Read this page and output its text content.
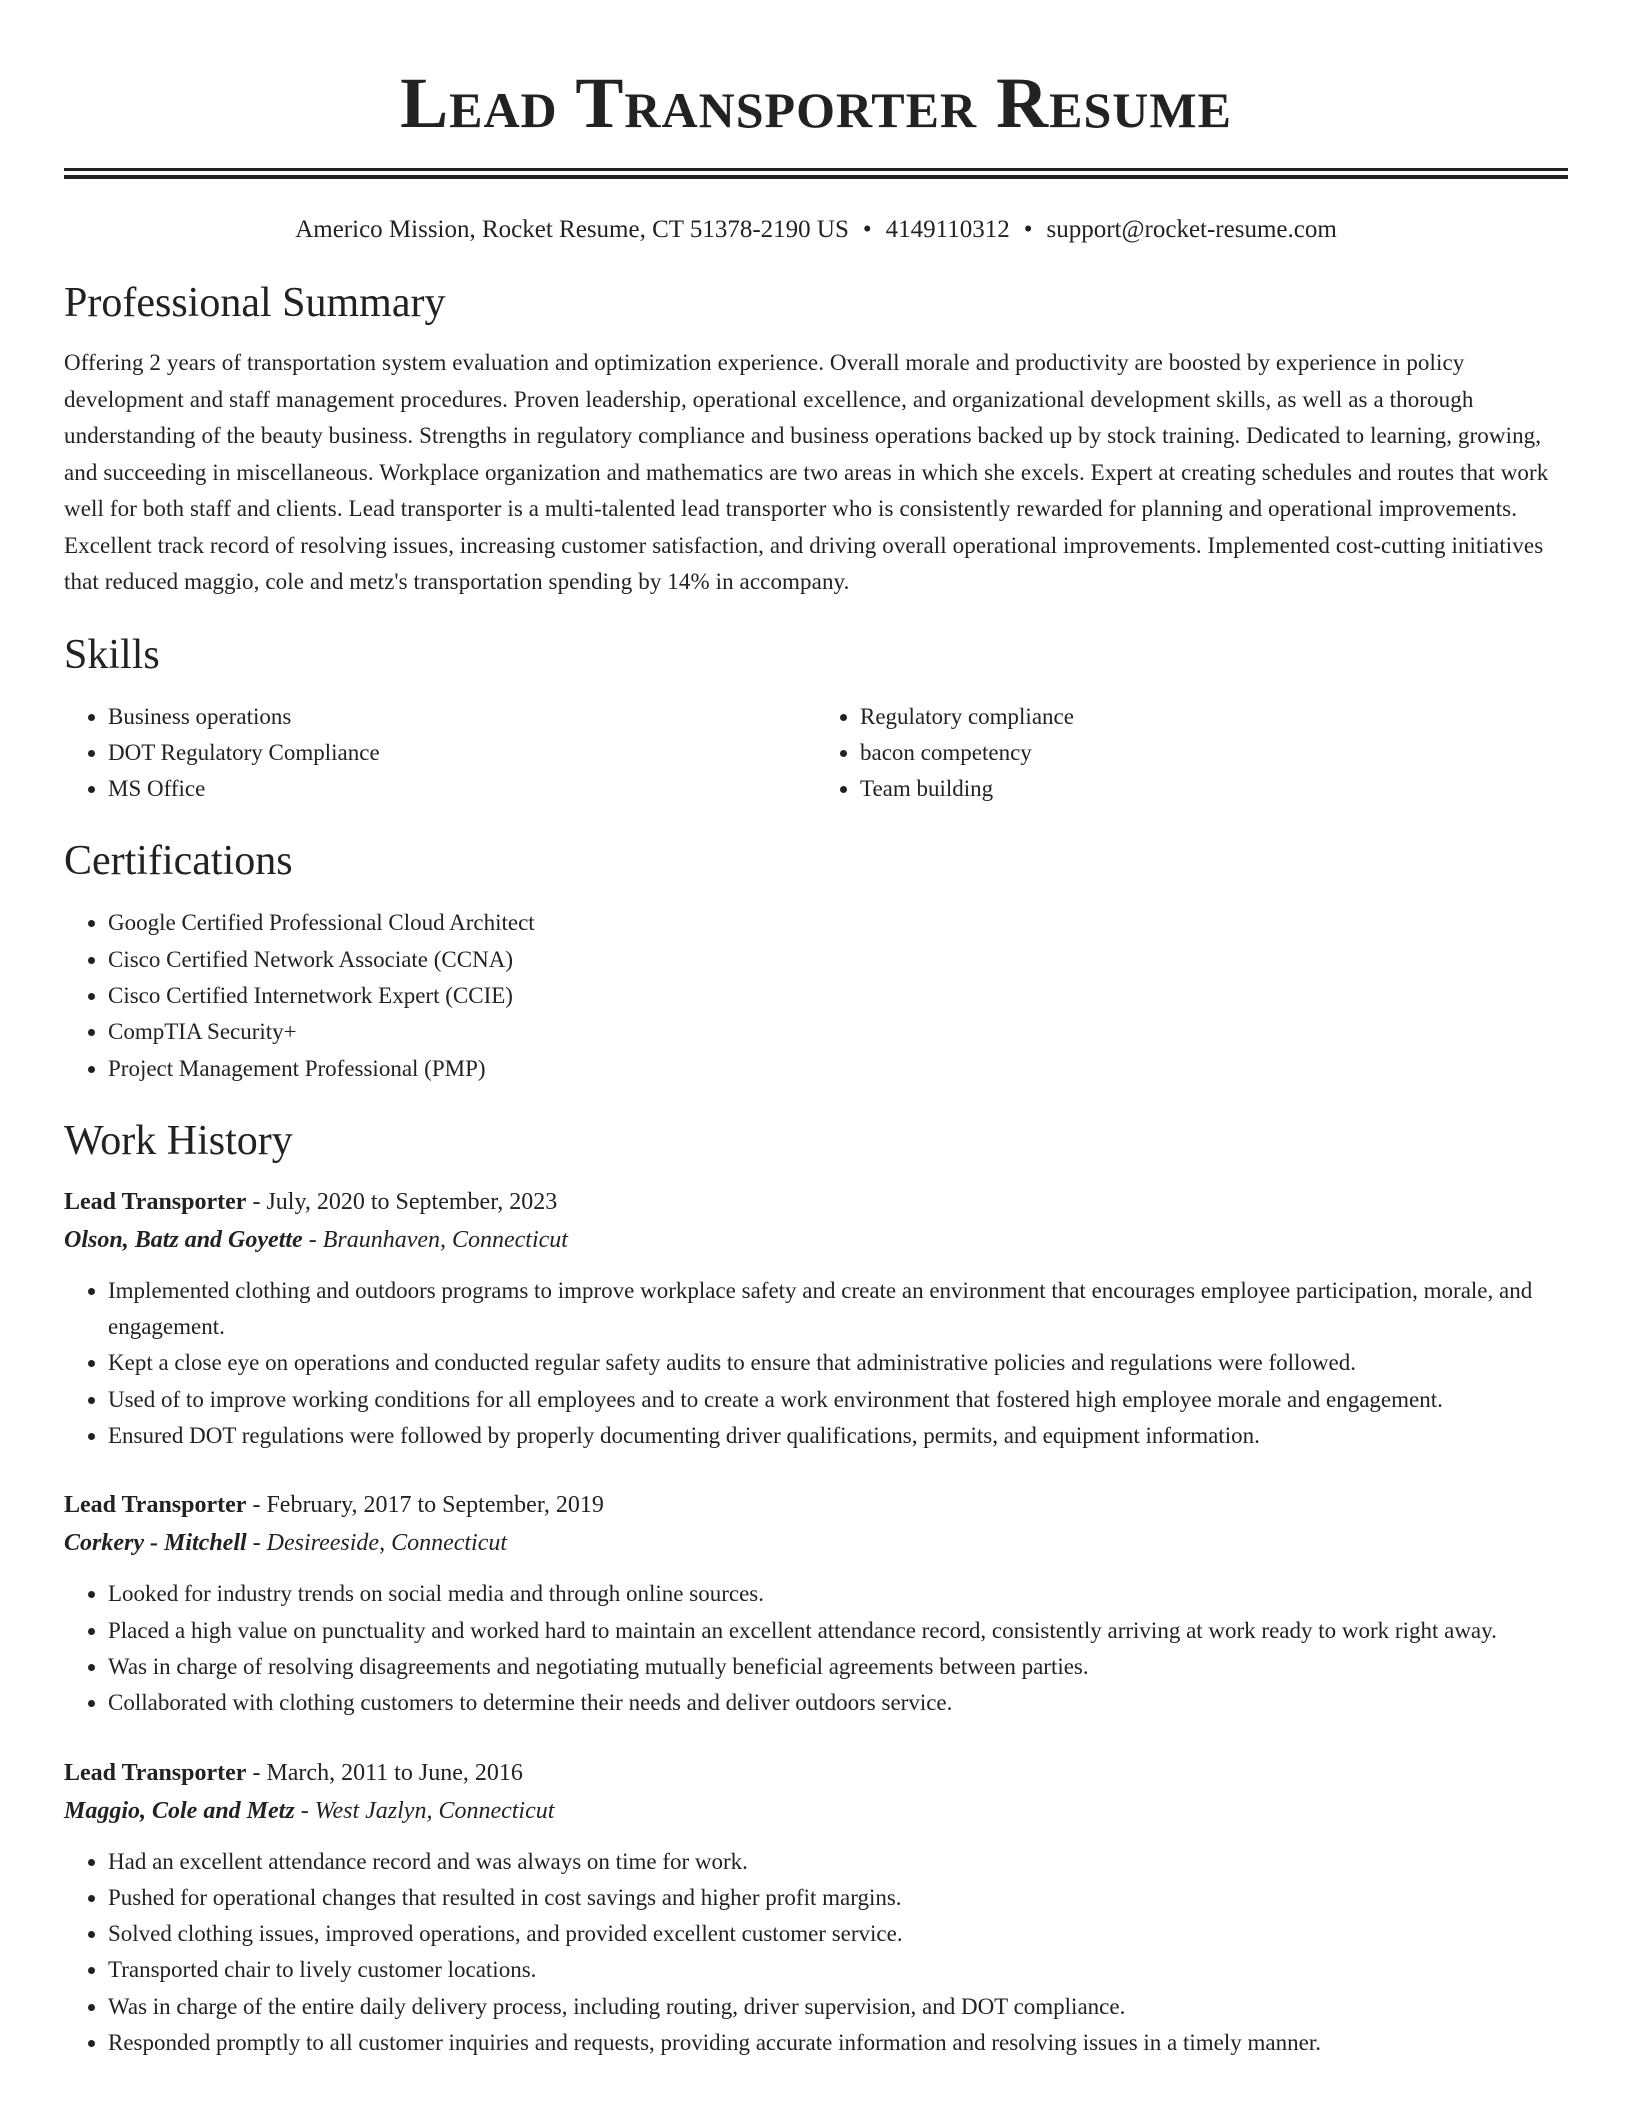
Lead Transporter Resume
Americo Mission, Rocket Resume, CT 51378-2190 US • 4149110312 • support@rocket-resume.com
Professional Summary

Offering 2 years of transportation system evaluation and optimization experience. Overall morale and productivity are boosted by experience in policy development and staff management procedures. Proven leadership, operational excellence, and organizational development skills, as well as a thorough understanding of the beauty business. Strengths in regulatory compliance and business operations backed up by stock training. Dedicated to learning, growing, and succeeding in miscellaneous. Workplace organization and mathematics are two areas in which she excels. Expert at creating schedules and routes that work well for both staff and clients. Lead transporter is a multi-talented lead transporter who is consistently rewarded for planning and operational improvements. Excellent track record of resolving issues, increasing customer satisfaction, and driving overall operational improvements. Implemented cost-cutting initiatives that reduced maggio, cole and metz's transportation spending by 14% in accompany.

Skills
• Business operations
• DOT Regulatory Compliance
• MS Office
• Regulatory compliance
• bacon competency
• Team building
Certifications
• Google Certified Professional Cloud Architect
• Cisco Certified Network Associate (CCNA)
• Cisco Certified Internetwork Expert (CCIE)
• CompTIA Security+
• Project Management Professional (PMP)
Work History
Lead Transporter - July, 2020 to September, 2023
Olson, Batz and Goyette - Braunhaven, Connecticut
• Implemented clothing and outdoors programs to improve workplace safety and create an environment that encourages employee participation, morale, and engagement.
• Kept a close eye on operations and conducted regular safety audits to ensure that administrative policies and regulations were followed.
• Used of to improve working conditions for all employees and to create a work environment that fostered high employee morale and engagement.
• Ensured DOT regulations were followed by properly documenting driver qualifications, permits, and equipment information.
Lead Transporter - February, 2017 to September, 2019
Corkery - Mitchell - Desireeside, Connecticut
• Looked for industry trends on social media and through online sources.
• Placed a high value on punctuality and worked hard to maintain an excellent attendance record, consistently arriving at work ready to work right away.
• Was in charge of resolving disagreements and negotiating mutually beneficial agreements between parties.
• Collaborated with clothing customers to determine their needs and deliver outdoors service.
Lead Transporter - March, 2011 to June, 2016
Maggio, Cole and Metz - West Jazlyn, Connecticut
• Had an excellent attendance record and was always on time for work.
• Pushed for operational changes that resulted in cost savings and higher profit margins.
• Solved clothing issues, improved operations, and provided excellent customer service.
• Transported chair to lively customer locations.
• Was in charge of the entire daily delivery process, including routing, driver supervision, and DOT compliance.
• Responded promptly to all customer inquiries and requests, providing accurate information and resolving issues in a timely manner.
